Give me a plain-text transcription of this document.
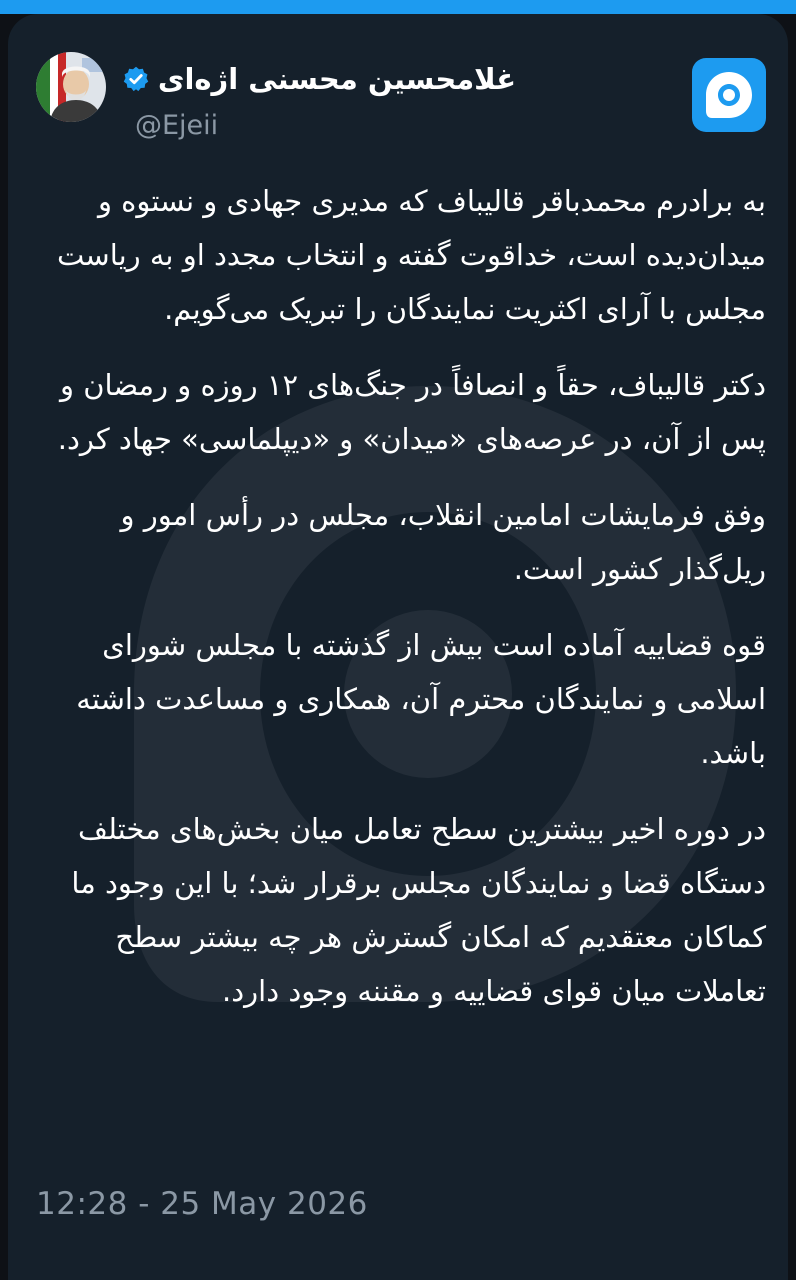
غلامحسین محسنی اژه‌ای
@Ejeii

به برادرم محمدباقر قالیباف که مدیری جهادی و نستوه و میدان‌دیده است، خداقوت گفته و انتخاب مجدد او به ریاست مجلس با آرای اکثریت نمایندگان را تبریک می‌گویم.

دکتر قالیباف، حقاً و انصافاً در جنگ‌های ۱۲ روزه و رمضان و پس از آن، در عرصه‌های «میدان» و «دیپلماسی» جهاد کرد.

وفق فرمایشات امامین انقلاب، مجلس در رأس امور و ریل‌گذار کشور است.

قوه قضاییه آماده است بیش از گذشته با مجلس شورای اسلامی و نمایندگان محترم آن، همکاری و مساعدت داشته باشد.

در دوره اخیر بیشترین سطح تعامل میان بخش‌های مختلف دستگاه قضا و نمایندگان مجلس برقرار شد؛ با این وجود ما کماکان معتقدیم که امکان گسترش هر چه بیشتر سطح تعاملات میان قوای قضاییه و مقننه وجود دارد.

12:28 - 25 May 2026
